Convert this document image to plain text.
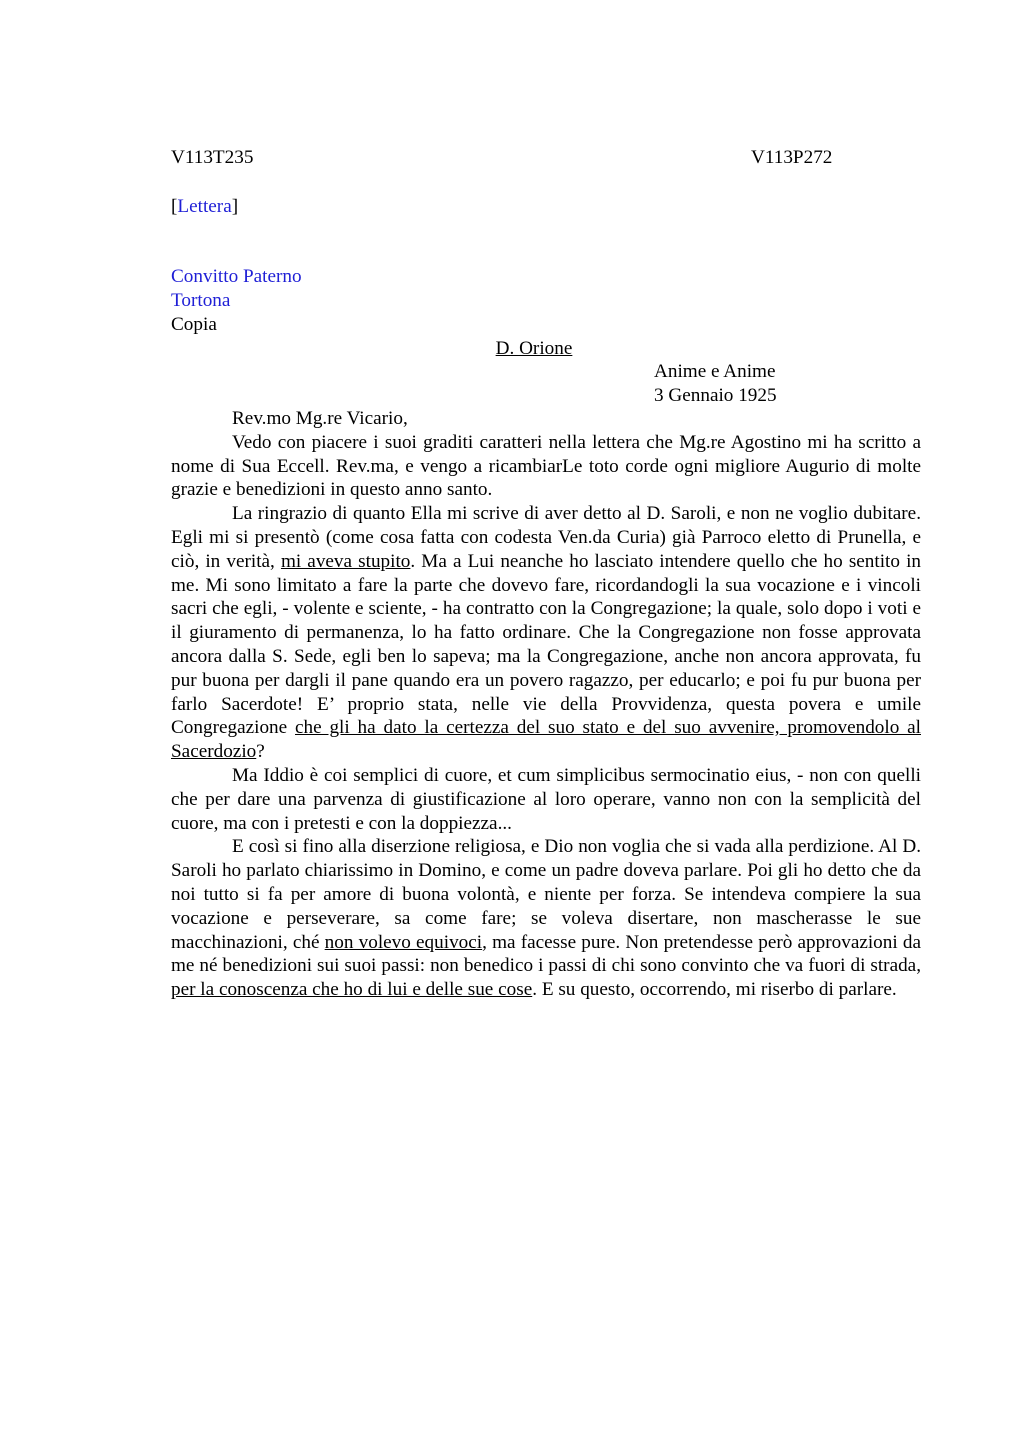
V113T235	V113P272
[Lettera]
Convitto Paterno
Tortona
Copia
D. Orione
Anime e Anime
3 Gennaio 1925

Rev.mo Mg.re Vicario,

Vedo con piacere i suoi graditi caratteri nella lettera che Mg.re Agostino mi ha scritto a nome di Sua Eccell. Rev.ma, e vengo a ricambiarLe toto corde ogni migliore Augurio di molte grazie e benedizioni in questo anno santo.

La ringrazio di quanto Ella mi scrive di aver detto al D. Saroli, e non ne voglio dubitare. Egli mi si presentò (come cosa fatta con codesta Ven.da Curia) già Parroco eletto di Prunella, e ciò, in verità, mi aveva stupito. Ma a Lui neanche ho lasciato intendere quello che ho sentito in me. Mi sono limitato a fare la parte che dovevo fare, ricordandogli la sua vocazione e i vincoli sacri che egli, - volente e sciente, - ha contratto con la Congregazione; la quale, solo dopo i voti e il giuramento di permanenza, lo ha fatto ordinare. Che la Congregazione non fosse approvata ancora dalla S. Sede, egli ben lo sapeva; ma la Congregazione, anche non ancora approvata, fu pur buona per dargli il pane quando era un povero ragazzo, per educarlo; e poi fu pur buona per farlo Sacerdote! E’ proprio stata, nelle vie della Provvidenza, questa povera e umile Congregazione che gli ha dato la certezza del suo stato e del suo avvenire, promovendolo al Sacerdozio?

Ma Iddio è coi semplici di cuore, et cum simplicibus sermocinatio eius, - non con quelli che per dare una parvenza di giustificazione al loro operare, vanno non con la semplicità del cuore, ma con i pretesti e con la doppiezza...

E così si fino alla diserzione religiosa, e Dio non voglia che si vada alla perdizione. Al D. Saroli ho parlato chiarissimo in Domino, e come un padre doveva parlare. Poi gli ho detto che da noi tutto si fa per amore di buona volontà, e niente per forza. Se intendeva compiere la sua vocazione e perseverare, sa come fare; se voleva disertare, non mascherasse le sue macchinazioni, ché non volevo equivoci, ma facesse pure. Non pretendesse però approvazioni da me né benedizioni sui suoi passi: non benedico i passi di chi sono convinto che va fuori di strada, per la conoscenza che ho di lui e delle sue cose. E su questo, occorrendo, mi riserbo di parlare.
